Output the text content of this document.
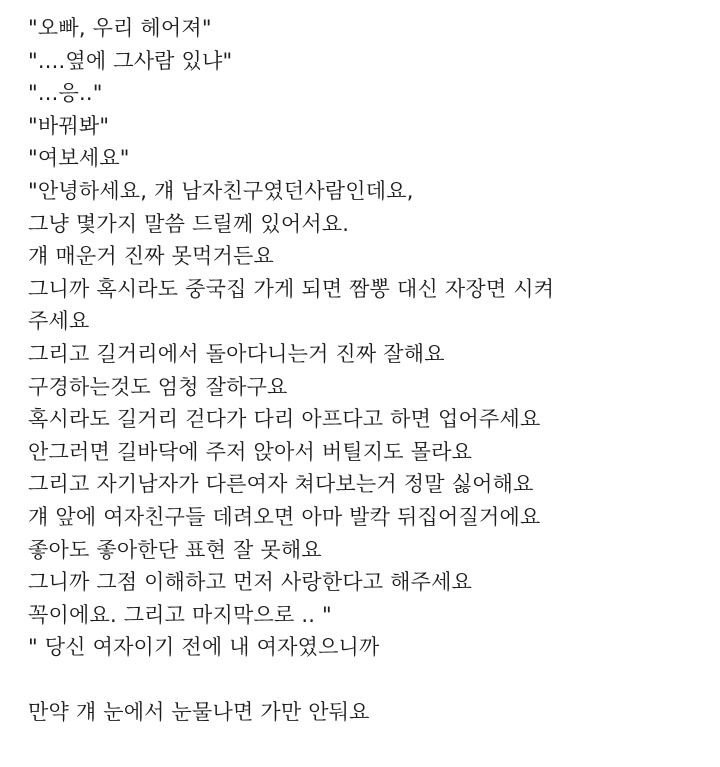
"오빠, 우리 헤어져"
"....옆에 그사람 있냐"
"...응.."
"바꿔봐"
"여보세요"
"안녕하세요, 걔 남자친구였던사람인데요,
그냥 몇가지 말씀 드릴께 있어서요.
걔 매운거 진짜 못먹거든요
그니까 혹시라도 중국집 가게 되면 짬뽕 대신 자장면 시켜
주세요
그리고 길거리에서 돌아다니는거 진짜 잘해요
구경하는것도 엄청 잘하구요
혹시라도 길거리 걷다가 다리 아프다고 하면 업어주세요
안그러면 길바닥에 주저 앉아서 버틸지도 몰라요
그리고 자기남자가 다른여자 쳐다보는거 정말 싫어해요
걔 앞에 여자친구들 데려오면 아마 발칵 뒤집어질거에요
좋아도 좋아한단 표현 잘 못해요
그니까 그점 이해하고 먼저 사랑한다고 해주세요
꼭이에요. 그리고 마지막으로 .. "
" 당신 여자이기 전에 내 여자였으니까
만약 걔 눈에서 눈물나면 가만 안둬요
